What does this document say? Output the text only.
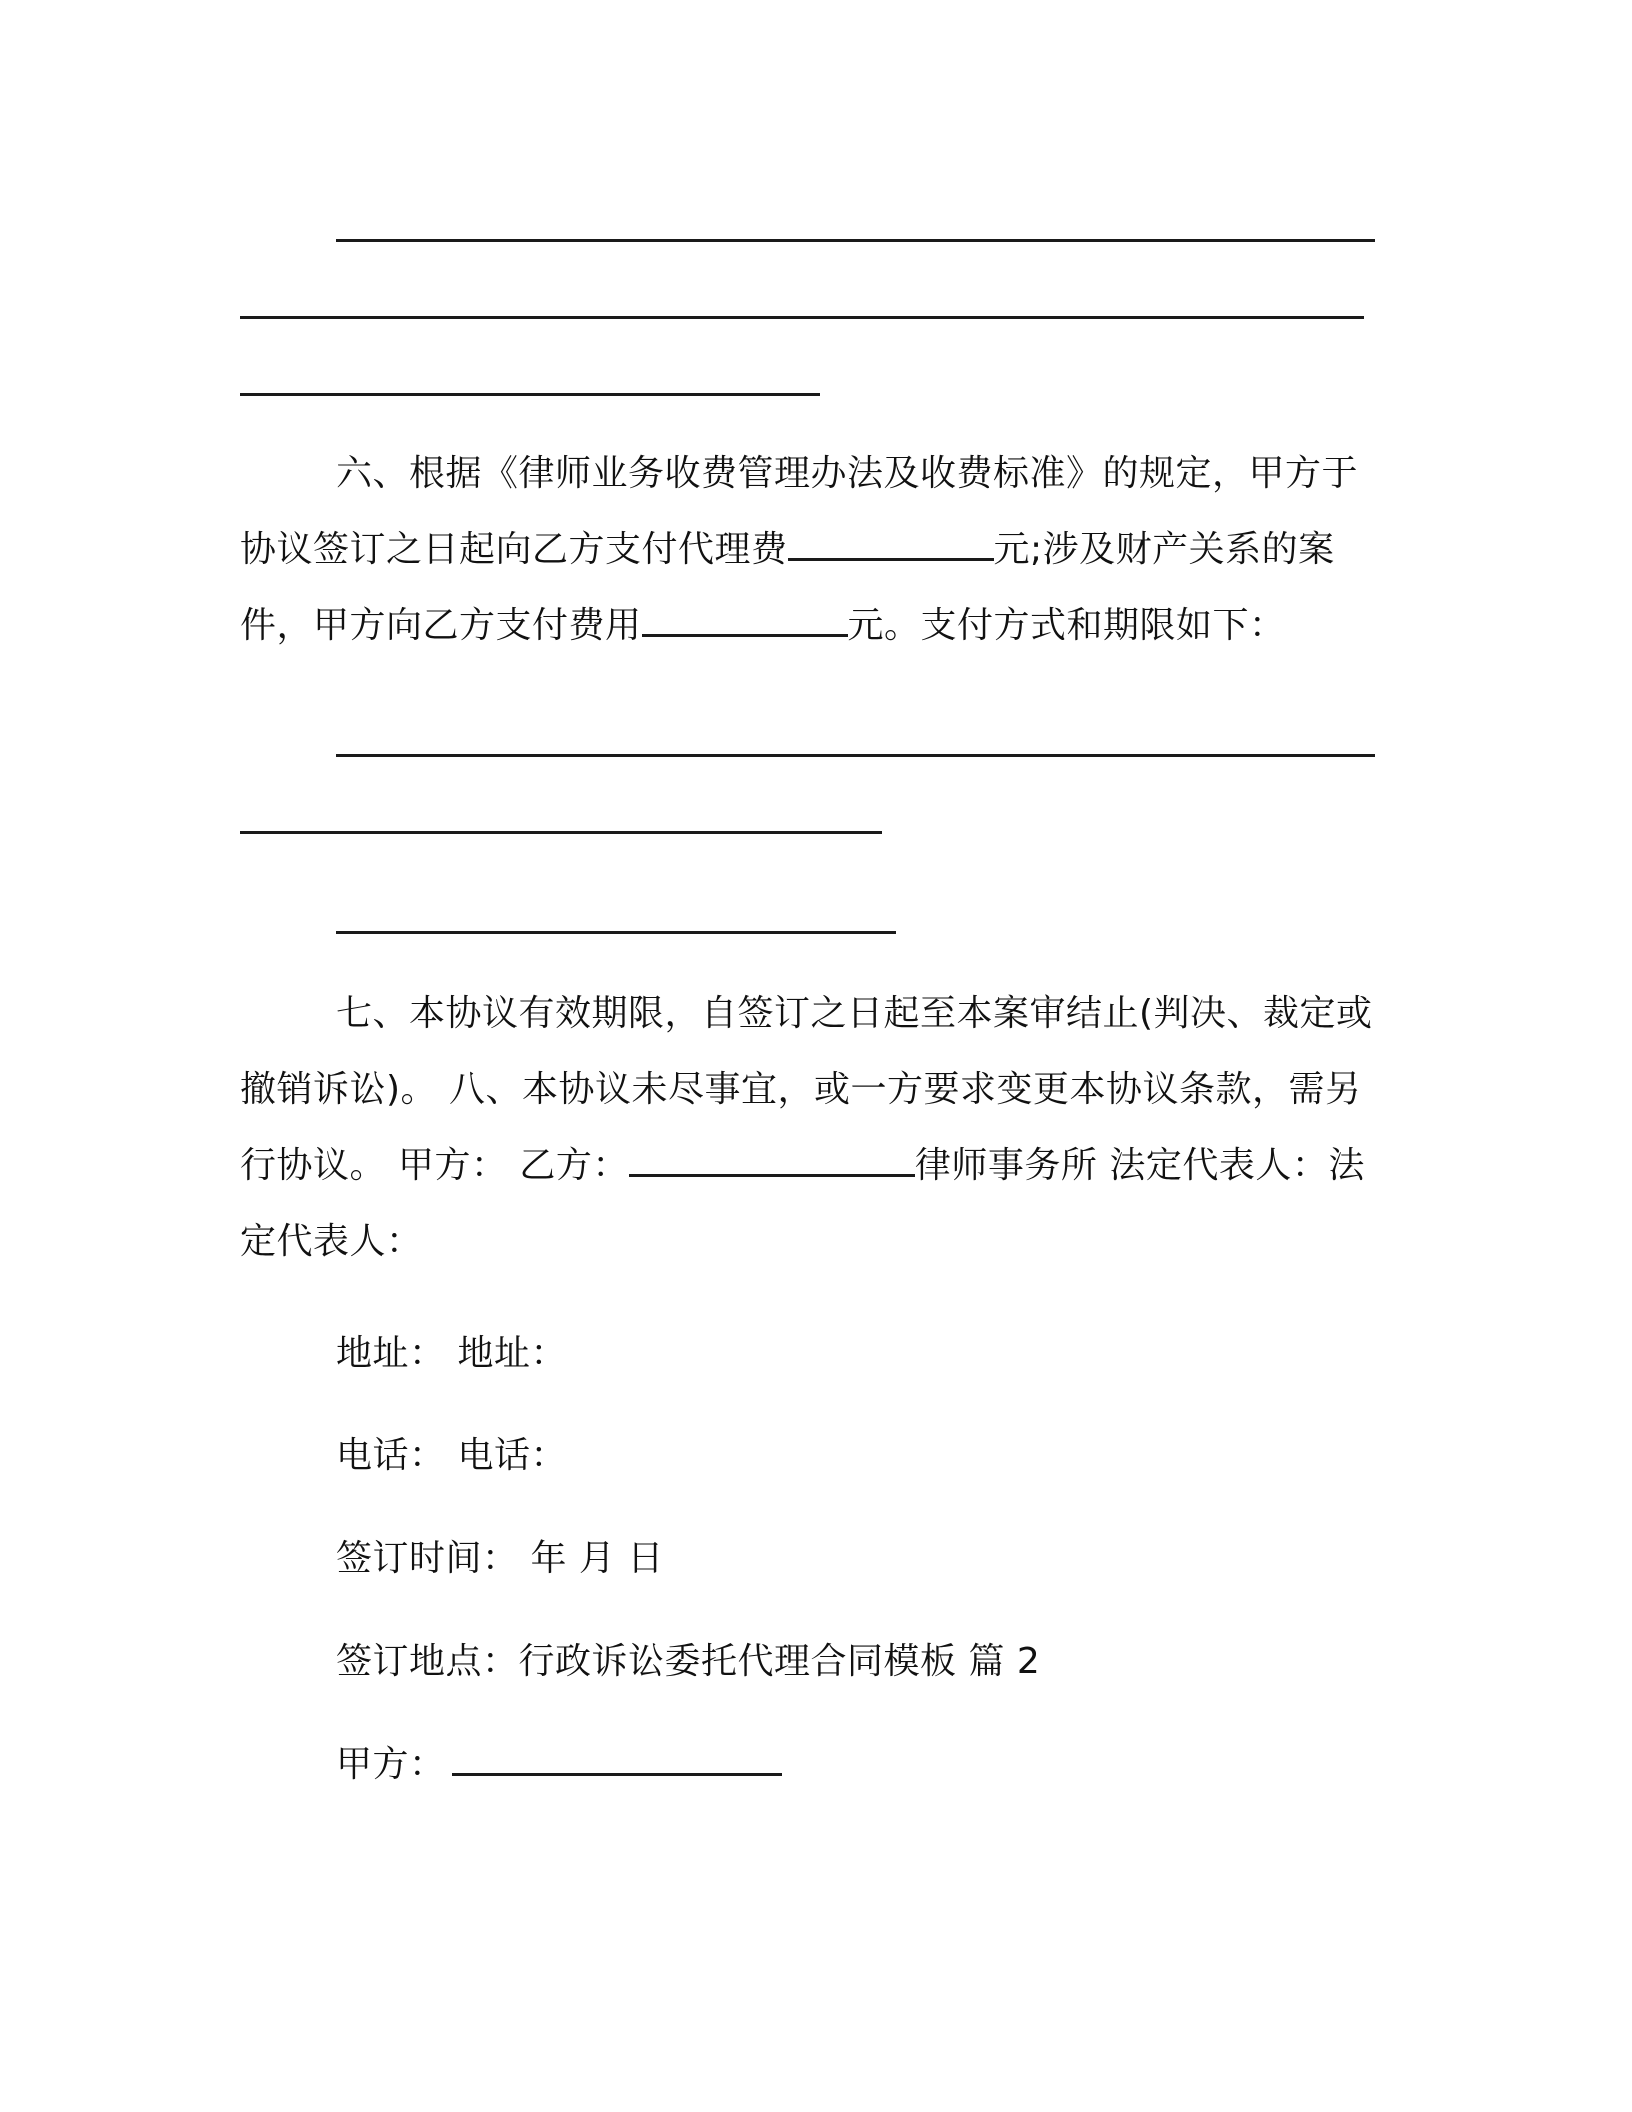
六、根据《律师业务收费管理办法及收费标准》的规定，甲方于协议签订之日起向乙方支付代理费	元;涉及财产关系的案件，甲方向乙方支付费用	元。支付方式和期限如下：

七、本协议有效期限，自签订之日起至本案审结止(判决、裁定或撤销诉讼)。 八、本协议未尽事宜，或一方要求变更本协议条款，需另行协议。 甲方： 乙方：	律师事务所 法定代表人：法定代表人：

地址： 地址：
电话： 电话：
签订时间： 年 月 日
签订地点：行政诉讼委托代理合同模板 篇 2
甲方：
